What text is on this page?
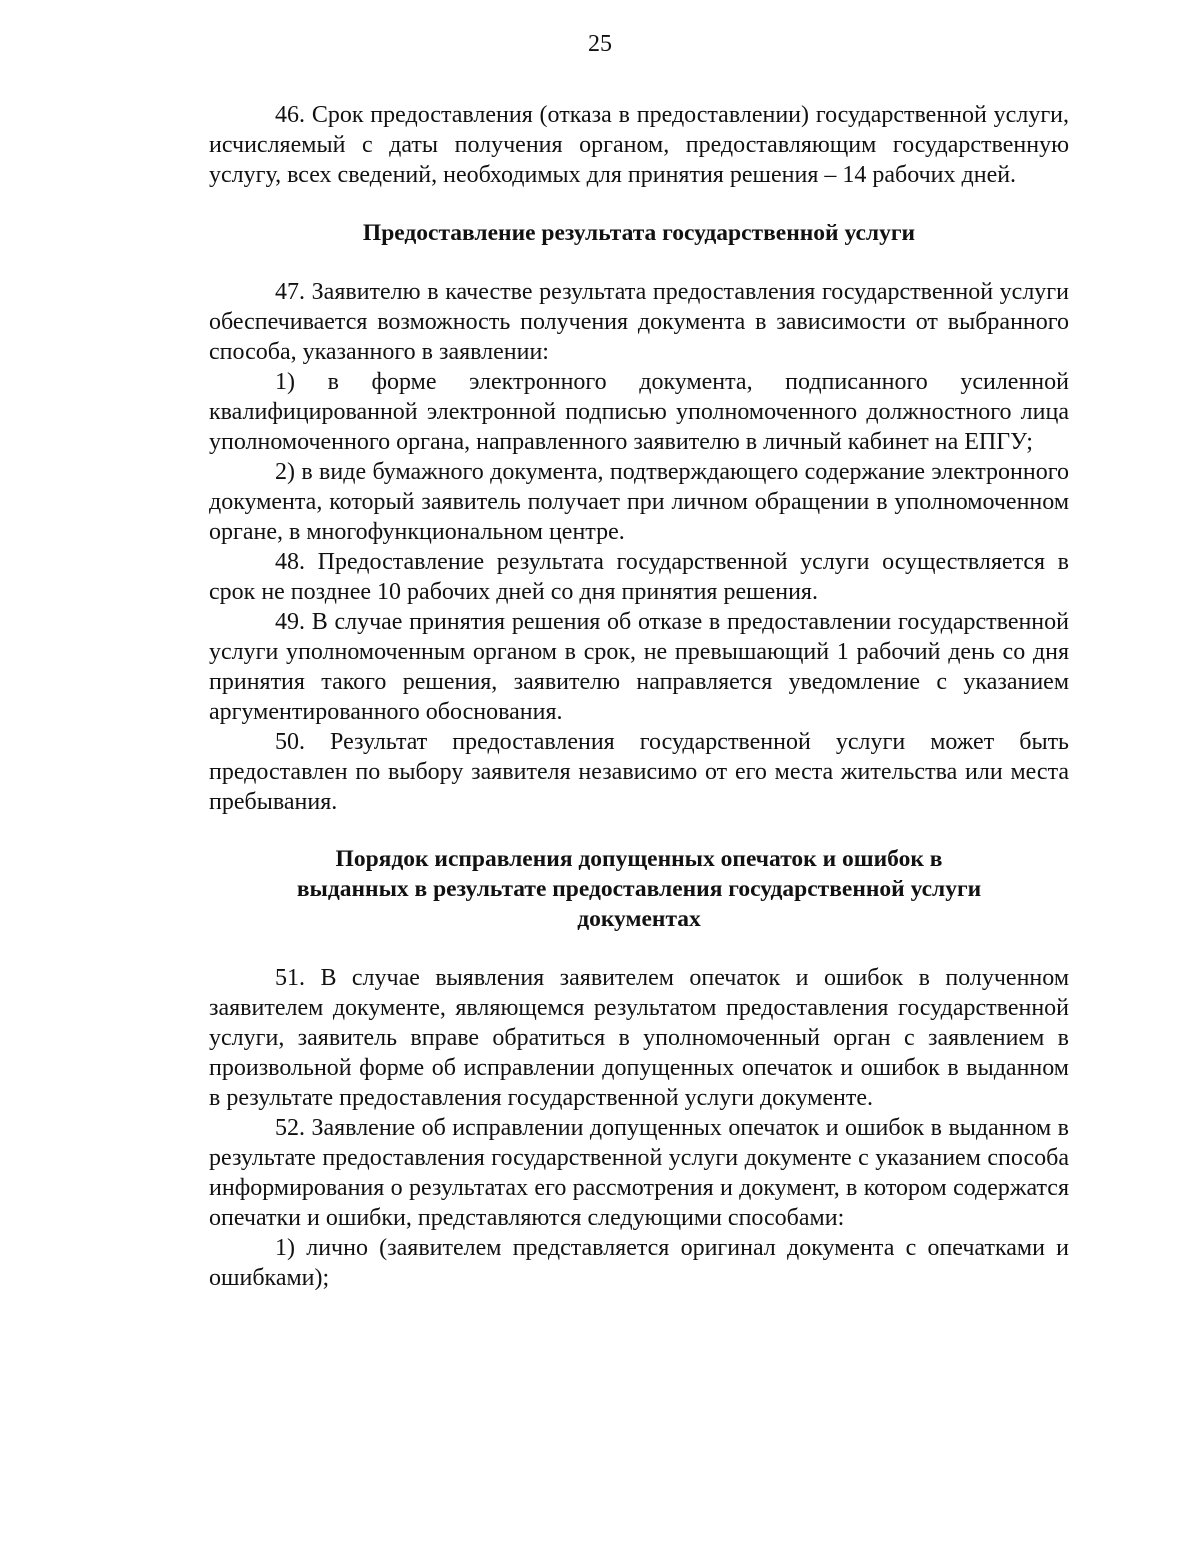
25

46. Срок предоставления (отказа в предоставлении) государственной услуги, исчисляемый с даты получения органом, предоставляющим государственную услугу, всех сведений, необходимых для принятия решения – 14 рабочих дней.

Предоставление результата государственной услуги

47. Заявителю в качестве результата предоставления государственной услуги обеспечивается возможность получения документа в зависимости от выбранного способа, указанного в заявлении:

1) в форме электронного документа, подписанного усиленной квалифицированной электронной подписью уполномоченного должностного лица уполномоченного органа, направленного заявителю в личный кабинет на ЕПГУ;

2) в виде бумажного документа, подтверждающего содержание электронного документа, который заявитель получает при личном обращении в уполномоченном органе, в многофункциональном центре.

48. Предоставление результата государственной услуги осуществляется в срок не позднее 10 рабочих дней со дня принятия решения.

49. В случае принятия решения об отказе в предоставлении государственной услуги уполномоченным органом в срок, не превышающий 1 рабочий день со дня принятия такого решения, заявителю направляется уведомление с указанием аргументированного обоснования.

50. Результат предоставления государственной услуги может быть предоставлен по выбору заявителя независимо от его места жительства или места пребывания.

Порядок исправления допущенных опечаток и ошибок в
выданных в результате предоставления государственной услуги
документах

51. В случае выявления заявителем опечаток и ошибок в полученном заявителем документе, являющемся результатом предоставления государственной услуги, заявитель вправе обратиться в уполномоченный орган с заявлением в произвольной форме об исправлении допущенных опечаток и ошибок в выданном в результате предоставления государственной услуги документе.

52. Заявление об исправлении допущенных опечаток и ошибок в выданном в результате предоставления государственной услуги документе с указанием способа информирования о результатах его рассмотрения и документ, в котором содержатся опечатки и ошибки, представляются следующими способами:

1) лично (заявителем представляется оригинал документа с опечатками и ошибками);
